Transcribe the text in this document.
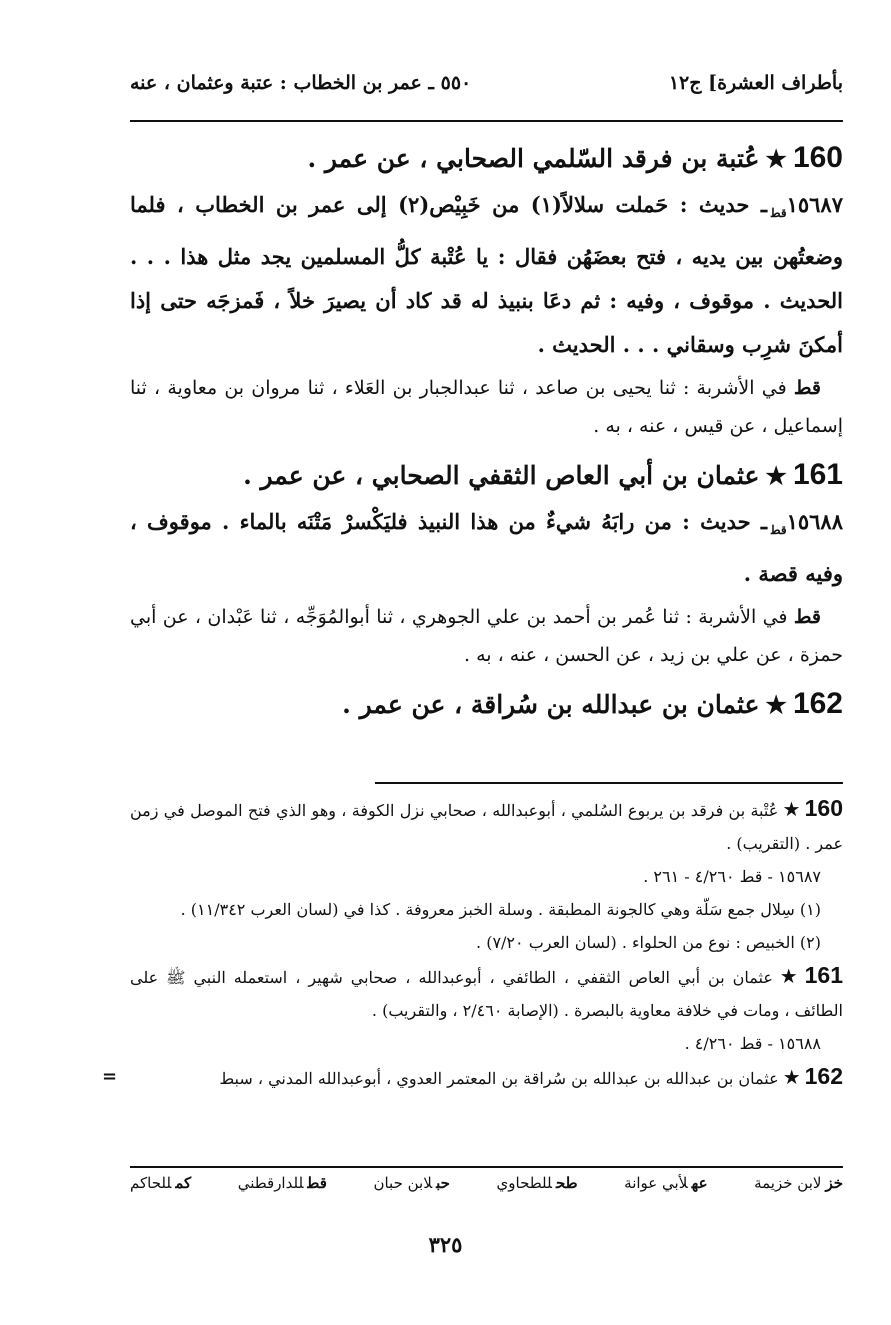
بأطراف العشرة] ج١٢
٥٥٠ ـ عمر بن الخطاب : عتبة وعثمان ، عنه

160★عُتبة بن فرقد السّلمي الصحابي ، عن عمر .

$١٥٦٨٧_{قط}ـ$ حديث : حَملت سلالاً(١) من خَبِيْص(٢) إلى عمر بن الخطاب ، فلما وضعتُهن بين يديه ، فتح بعضَهُن فقال : يا عُتْبة كلُّ المسلمين يجد مثل هذا . . . الحديث . موقوف ، وفيه : ثم دعَا بنبيذ له قد كاد أن يصيرَ خلاً ، فَمزجَه حتى إذا أمكنَ شرِب وسقاني . . . الحديث .

قط في الأشربة : ثنا يحيى بن صاعد ، ثنا عبدالجبار بن العَلاء ، ثنا مروان بن معاوية ، ثنا إسماعيل ، عن قيس ، عنه ، به .

161★عثمان بن أبي العاص الثقفي الصحابي ، عن عمر .

$١٥٦٨٨_{قط}ـ$ حديث : من رابَهُ شيءٌ من هذا النبيذ فليَكْسرْ مَتْنَه بالماء . موقوف ، وفيه قصة .

قط في الأشربة : ثنا عُمر بن أحمد بن علي الجوهري ، ثنا أبوالمُوَجِّه ، ثنا عَبْدان ، عن أبي حمزة ، عن علي بن زيد ، عن الحسن ، عنه ، به .

162★عثمان بن عبدالله بن سُراقة ، عن عمر .

160★عُتْبة بن فرقد بن يربوع السُلمي ، أبوعبدالله ، صحابي نزل الكوفة ، وهو الذي فتح الموصل في زمن عمر . (التقريب) .

١٥٦٨٧ - قط ٤/٢٦٠ - ٢٦١ .

(١) سِلال جمع سَلّة وهي كالجونة المطبقة . وسلة الخبز معروفة . كذا في (لسان العرب ١١/٣٤٢) .

(٢) الخبيص : نوع من الحلواء . (لسان العرب ٧/٢٠) .

161★عثمان بن أبي العاص الثقفي ، الطائفي ، أبوعبدالله ، صحابي شهير ، استعمله النبي ﷺ على الطائف ، ومات في خلافة معاوية بالبصرة . (الإصابة ٢/٤٦٠ ، والتقريب) .

١٥٦٨٨ - قط ٤/٢٦٠ .

162★عثمان بن عبدالله بن عبدالله بن سُراقة بن المعتمر العدوي ، أبوعبدالله المدني ، سبط
=

خزلابن خزيمة
عهلأبي عوانة
طحللطحاوي
حبلابن حبان
قطللدارقطني
كمللحاكم
٣٢٥
